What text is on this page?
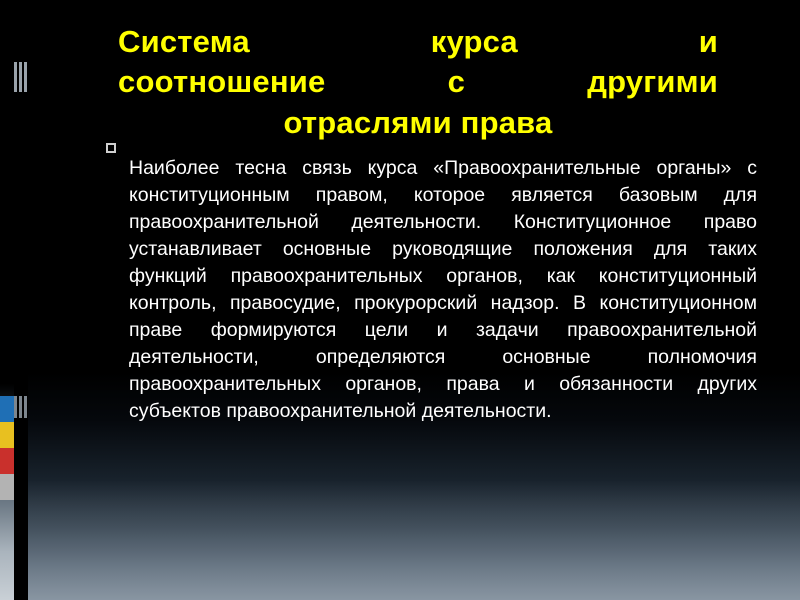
Система курса и
соотношение с другими
отраслями права

Наиболее тесна связь курса «Правоохранительные органы» с конституционным правом, которое является базовым для правоохранительной деятельности. Конституционное право устанавливает основные руководящие положения для таких функций правоохранительных органов, как конституционный контроль, правосудие, прокурорский надзор. В конституционном праве формируются цели и задачи правоохранительной деятельности, определяются основные полномочия правоохранительных органов, права и обязанности других субъектов правоохранительной деятельности.
